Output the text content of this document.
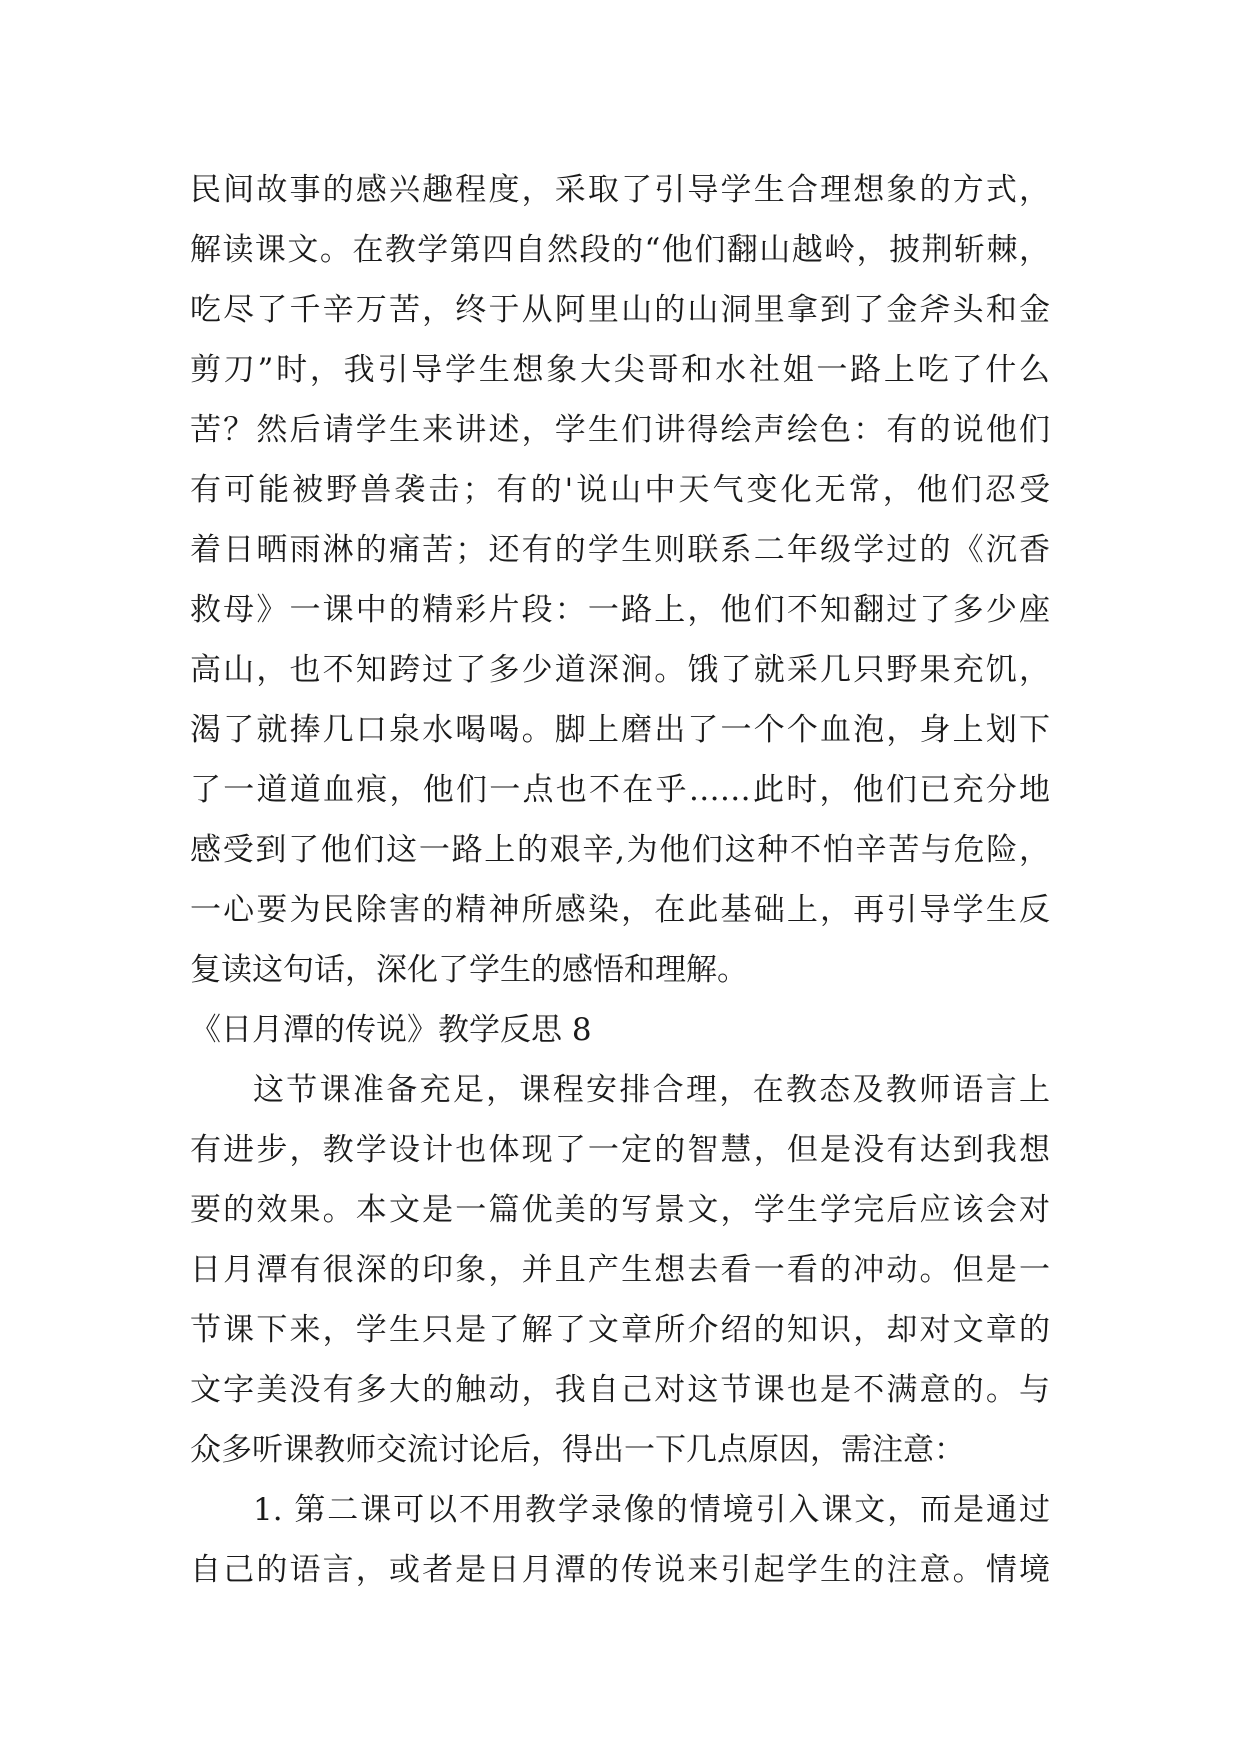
民间故事的感兴趣程度，采取了引导学生合理想象的方式，
解读课文。在教学第四自然段的“他们翻山越岭，披荆斩棘，
吃尽了千辛万苦，终于从阿里山的山洞里拿到了金斧头和金
剪刀”时，我引导学生想象大尖哥和水社姐一路上吃了什么
苦？然后请学生来讲述，学生们讲得绘声绘色：有的说他们
有可能被野兽袭击；有的'说山中天气变化无常，他们忍受
着日晒雨淋的痛苦；还有的学生则联系二年级学过的《沉香
救母》一课中的精彩片段：一路上，他们不知翻过了多少座
高山，也不知跨过了多少道深涧。饿了就采几只野果充饥，
渴了就捧几口泉水喝喝。脚上磨出了一个个血泡，身上划下
了一道道血痕，他们一点也不在乎……此时，他们已充分地
感受到了他们这一路上的艰辛,为他们这种不怕辛苦与危险，
一心要为民除害的精神所感染，在此基础上，再引导学生反
复读这句话，深化了学生的感悟和理解。
《日月潭的传说》教学反思 8
这节课准备充足，课程安排合理，在教态及教师语言上
有进步，教学设计也体现了一定的智慧，但是没有达到我想
要的效果。本文是一篇优美的写景文，学生学完后应该会对
日月潭有很深的印象，并且产生想去看一看的冲动。但是一
节课下来，学生只是了解了文章所介绍的知识，却对文章的
文字美没有多大的触动，我自己对这节课也是不满意的。与
众多听课教师交流讨论后，得出一下几点原因，需注意：
1. 第二课可以不用教学录像的情境引入课文，而是通过
自己的语言，或者是日月潭的传说来引起学生的注意。情境
